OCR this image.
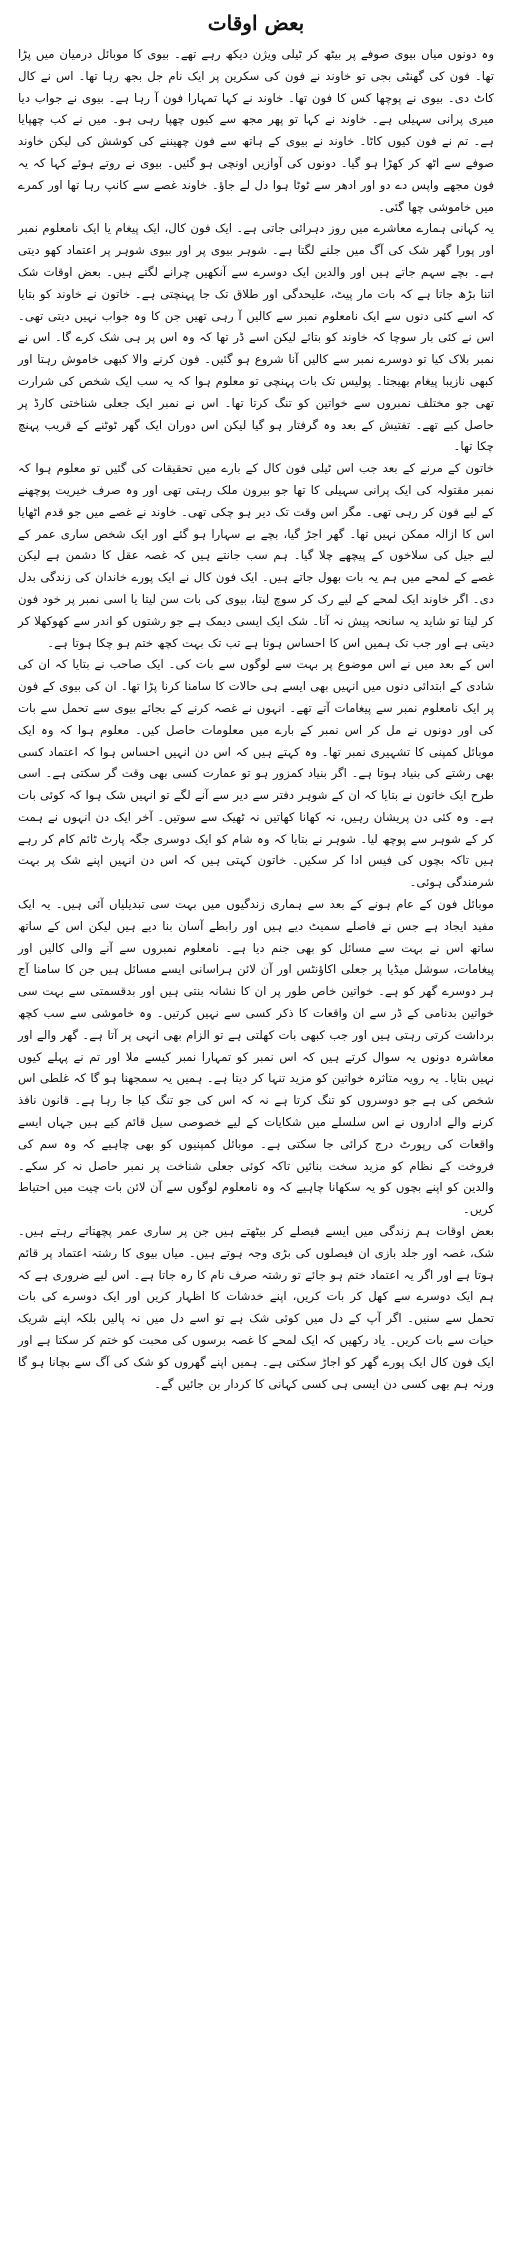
بعض اوقات

وہ دونوں میاں بیوی صوفے پر بیٹھ کر ٹیلی ویژن دیکھ رہے تھے۔ بیوی کا موبائل درمیان میں پڑا تھا۔ فون کی گھنٹی بجی تو خاوند نے فون کی سکرین پر ایک نام جل بجھ رہا تھا۔ اس نے کال کاٹ دی۔ بیوی نے پوچھا کس کا فون تھا۔ خاوند نے کہا تمہارا فون آ رہا ہے۔ بیوی نے جواب دیا میری پرانی سہیلی ہے۔ خاوند نے کہا تو پھر مجھ سے کیوں چھپا رہی ہو۔ میں نے کب چھپایا ہے۔ تم نے فون کیوں کاٹا۔ خاوند نے بیوی کے ہاتھ سے فون چھیننے کی کوشش کی لیکن خاوند صوفے سے اٹھ کر کھڑا ہو گیا۔ دونوں کی آوازیں اونچی ہو گئیں۔ بیوی نے روتے ہوئے کہا کہ یہ فون مجھے واپس دے دو اور ادھر سے ٹوٹا ہوا دل لے جاؤ۔ خاوند غصے سے کانپ رہا تھا اور کمرے میں خاموشی چھا گئی۔

یہ کہانی ہمارے معاشرے میں روز دہرائی جاتی ہے۔ ایک فون کال، ایک پیغام یا ایک نامعلوم نمبر اور پورا گھر شک کی آگ میں جلنے لگتا ہے۔ شوہر بیوی پر اور بیوی شوہر پر اعتماد کھو دیتی ہے۔ بچے سہم جاتے ہیں اور والدین ایک دوسرے سے آنکھیں چرانے لگتے ہیں۔ بعض اوقات شک اتنا بڑھ جاتا ہے کہ بات مار پیٹ، علیحدگی اور طلاق تک جا پہنچتی ہے۔ خاتون نے خاوند کو بتایا کہ اسے کئی دنوں سے ایک نامعلوم نمبر سے کالیں آ رہی تھیں جن کا وہ جواب نہیں دیتی تھی۔ اس نے کئی بار سوچا کہ خاوند کو بتائے لیکن اسے ڈر تھا کہ وہ اس پر ہی شک کرے گا۔ اس نے نمبر بلاک کیا تو دوسرے نمبر سے کالیں آنا شروع ہو گئیں۔ فون کرنے والا کبھی خاموش رہتا اور کبھی نازیبا پیغام بھیجتا۔ پولیس تک بات پہنچی تو معلوم ہوا کہ یہ سب ایک شخص کی شرارت تھی جو مختلف نمبروں سے خواتین کو تنگ کرتا تھا۔ اس نے نمبر ایک جعلی شناختی کارڈ پر حاصل کیے تھے۔ تفتیش کے بعد وہ گرفتار ہو گیا لیکن اس دوران ایک گھر ٹوٹنے کے قریب پہنچ چکا تھا۔

خاتون کے مرنے کے بعد جب اس ٹیلی فون کال کے بارے میں تحقیقات کی گئیں تو معلوم ہوا کہ نمبر مقتولہ کی ایک پرانی سہیلی کا تھا جو بیرون ملک رہتی تھی اور وہ صرف خیریت پوچھنے کے لیے فون کر رہی تھی۔ مگر اس وقت تک دیر ہو چکی تھی۔ خاوند نے غصے میں جو قدم اٹھایا اس کا ازالہ ممکن نہیں تھا۔ گھر اجڑ گیا، بچے بے سہارا ہو گئے اور ایک شخص ساری عمر کے لیے جیل کی سلاخوں کے پیچھے چلا گیا۔ ہم سب جانتے ہیں کہ غصہ عقل کا دشمن ہے لیکن غصے کے لمحے میں ہم یہ بات بھول جاتے ہیں۔ ایک فون کال نے ایک پورے خاندان کی زندگی بدل دی۔ اگر خاوند ایک لمحے کے لیے رک کر سوچ لیتا، بیوی کی بات سن لیتا یا اسی نمبر پر خود فون کر لیتا تو شاید یہ سانحہ پیش نہ آتا۔ شک ایک ایسی دیمک ہے جو رشتوں کو اندر سے کھوکھلا کر دیتی ہے اور جب تک ہمیں اس کا احساس ہوتا ہے تب تک بہت کچھ ختم ہو چکا ہوتا ہے۔

اس کے بعد میں نے اس موضوع پر بہت سے لوگوں سے بات کی۔ ایک صاحب نے بتایا کہ ان کی شادی کے ابتدائی دنوں میں انہیں بھی ایسے ہی حالات کا سامنا کرنا پڑا تھا۔ ان کی بیوی کے فون پر ایک نامعلوم نمبر سے پیغامات آتے تھے۔ انہوں نے غصہ کرنے کے بجائے بیوی سے تحمل سے بات کی اور دونوں نے مل کر اس نمبر کے بارے میں معلومات حاصل کیں۔ معلوم ہوا کہ وہ ایک موبائل کمپنی کا تشہیری نمبر تھا۔ وہ کہتے ہیں کہ اس دن انہیں احساس ہوا کہ اعتماد کسی بھی رشتے کی بنیاد ہوتا ہے۔ اگر بنیاد کمزور ہو تو عمارت کسی بھی وقت گر سکتی ہے۔ اسی طرح ایک خاتون نے بتایا کہ ان کے شوہر دفتر سے دیر سے آنے لگے تو انہیں شک ہوا کہ کوئی بات ہے۔ وہ کئی دن پریشان رہیں، نہ کھانا کھاتیں نہ ٹھیک سے سوتیں۔ آخر ایک دن انہوں نے ہمت کر کے شوہر سے پوچھ لیا۔ شوہر نے بتایا کہ وہ شام کو ایک دوسری جگہ پارٹ ٹائم کام کر رہے ہیں تاکہ بچوں کی فیس ادا کر سکیں۔ خاتون کہتی ہیں کہ اس دن انہیں اپنے شک پر بہت شرمندگی ہوئی۔

موبائل فون کے عام ہونے کے بعد سے ہماری زندگیوں میں بہت سی تبدیلیاں آئی ہیں۔ یہ ایک مفید ایجاد ہے جس نے فاصلے سمیٹ دیے ہیں اور رابطے آسان بنا دیے ہیں لیکن اس کے ساتھ ساتھ اس نے بہت سے مسائل کو بھی جنم دیا ہے۔ نامعلوم نمبروں سے آنے والی کالیں اور پیغامات، سوشل میڈیا پر جعلی اکاؤنٹس اور آن لائن ہراسانی ایسے مسائل ہیں جن کا سامنا آج ہر دوسرے گھر کو ہے۔ خواتین خاص طور پر ان کا نشانہ بنتی ہیں اور بدقسمتی سے بہت سی خواتین بدنامی کے ڈر سے ان واقعات کا ذکر کسی سے نہیں کرتیں۔ وہ خاموشی سے سب کچھ برداشت کرتی رہتی ہیں اور جب کبھی بات کھلتی ہے تو الزام بھی انہی پر آتا ہے۔ گھر والے اور معاشرہ دونوں یہ سوال کرتے ہیں کہ اس نمبر کو تمہارا نمبر کیسے ملا اور تم نے پہلے کیوں نہیں بتایا۔ یہ رویہ متاثرہ خواتین کو مزید تنہا کر دیتا ہے۔ ہمیں یہ سمجھنا ہو گا کہ غلطی اس شخص کی ہے جو دوسروں کو تنگ کرتا ہے نہ کہ اس کی جو تنگ کیا جا رہا ہے۔ قانون نافذ کرنے والے اداروں نے اس سلسلے میں شکایات کے لیے خصوصی سیل قائم کیے ہیں جہاں ایسے واقعات کی رپورٹ درج کرائی جا سکتی ہے۔ موبائل کمپنیوں کو بھی چاہیے کہ وہ سم کی فروخت کے نظام کو مزید سخت بنائیں تاکہ کوئی جعلی شناخت پر نمبر حاصل نہ کر سکے۔ والدین کو اپنے بچوں کو یہ سکھانا چاہیے کہ وہ نامعلوم لوگوں سے آن لائن بات چیت میں احتیاط کریں۔

بعض اوقات ہم زندگی میں ایسے فیصلے کر بیٹھتے ہیں جن پر ساری عمر پچھتاتے رہتے ہیں۔ شک، غصہ اور جلد بازی ان فیصلوں کی بڑی وجہ ہوتے ہیں۔ میاں بیوی کا رشتہ اعتماد پر قائم ہوتا ہے اور اگر یہ اعتماد ختم ہو جائے تو رشتہ صرف نام کا رہ جاتا ہے۔ اس لیے ضروری ہے کہ ہم ایک دوسرے سے کھل کر بات کریں، اپنے خدشات کا اظہار کریں اور ایک دوسرے کی بات تحمل سے سنیں۔ اگر آپ کے دل میں کوئی شک ہے تو اسے دل میں نہ پالیں بلکہ اپنے شریک حیات سے بات کریں۔ یاد رکھیں کہ ایک لمحے کا غصہ برسوں کی محبت کو ختم کر سکتا ہے اور ایک فون کال ایک پورے گھر کو اجاڑ سکتی ہے۔ ہمیں اپنے گھروں کو شک کی آگ سے بچانا ہو گا ورنہ ہم بھی کسی دن ایسی ہی کسی کہانی کا کردار بن جائیں گے۔
